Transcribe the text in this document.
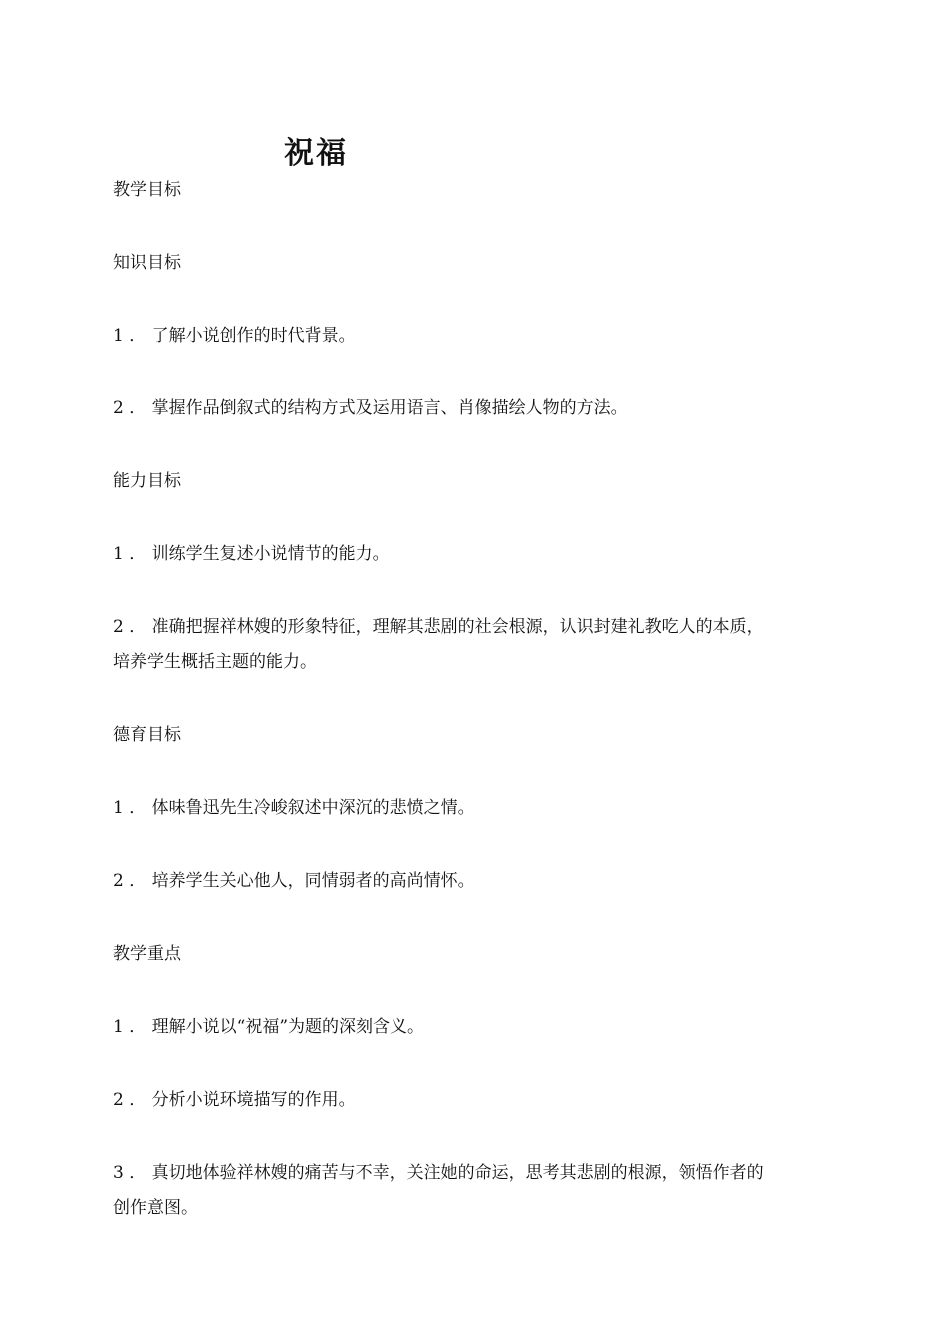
祝福

教学目标

知识目标

1 ． 了解小说创作的时代背景。

2 ． 掌握作品倒叙式的结构方式及运用语言、肖像描绘人物的方法。

能力目标

1 ． 训练学生复述小说情节的能力。

2 ． 准确把握祥林嫂的形象特征，理解其悲剧的社会根源，认识封建礼教吃人的本质，

培养学生概括主题的能力。

德育目标

1 ． 体味鲁迅先生冷峻叙述中深沉的悲愤之情。

2 ． 培养学生关心他人，同情弱者的高尚情怀。

教学重点

1 ． 理解小说以“祝福”为题的深刻含义。

2 ． 分析小说环境描写的作用。

3 ． 真切地体验祥林嫂的痛苦与不幸，关注她的命运，思考其悲剧的根源，领悟作者的

创作意图。
